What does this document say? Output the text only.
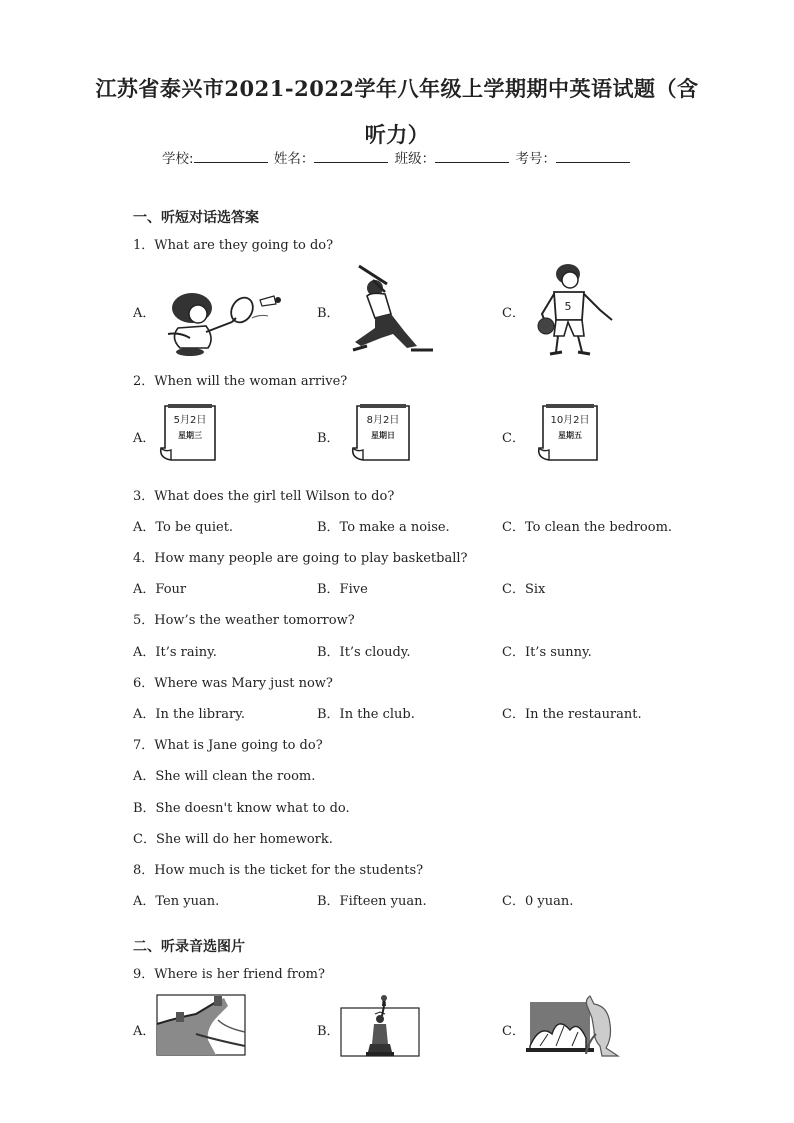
江苏省泰兴市2021-2022学年八年级上学期期中英语试题（含
听力）
学校:	姓名：	班级：	考号：
一、听短对话选答案
1．What are they going to do?
A．	B．	C．	5
2．When will the woman arrive?
A．	B．	C．
5月2日
星期三
8月2日
星期日
10月2日
星期五
3．What does the girl tell Wilson to do?
A．To be quiet.	B．To make a noise.	C．To clean the bedroom.
4．How many people are going to play basketball?
A．Four	B．Five	C．Six
5．How’s the weather tomorrow?
A．It’s rainy.	B．It’s cloudy.	C．It’s sunny.
6．Where was Mary just now?
A．In the library.	B．In the club.	C．In the restaurant.
7．What is Jane going to do?
A．She will clean the room.
B．She doesn't know what to do.
C．She will do her homework.
8．How much is the ticket for the students?
A．Ten yuan.	B．Fifteen yuan.	C．0 yuan.
二、听录音选图片
9．Where is her friend from?
A．	B．	C．
